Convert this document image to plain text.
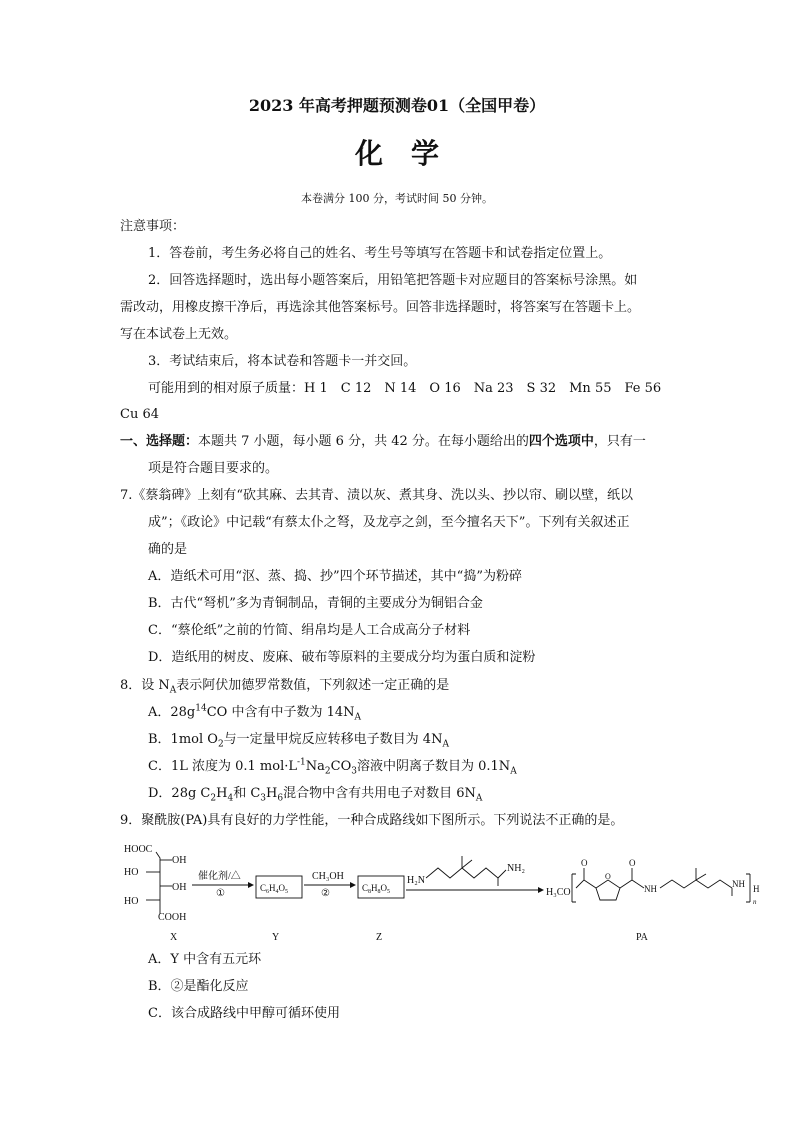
2023 年高考押题预测卷01（全国甲卷）
化学
本卷满分 100 分，考试时间 50 分钟。
注意事项：
1．答卷前，考生务必将自己的姓名、考生号等填写在答题卡和试卷指定位置上。
2．回答选择题时，选出每小题答案后，用铅笔把答题卡对应题目的答案标号涂黑。如
需改动，用橡皮擦干净后，再选涂其他答案标号。回答非选择题时，将答案写在答题卡上。
写在本试卷上无效。
3．考试结束后，将本试卷和答题卡一并交回。
可能用到的相对原子质量：H 1　C 12　N 14　O 16　Na 23　S 32　Mn 55　Fe 56
Cu 64
一、选择题：本题共 7 小题，每小题 6 分，共 42 分。在每小题给出的四个选项中，只有一
项是符合题目要求的。
7.《蔡翁碑》上刻有“砍其麻、去其青、渍以灰、煮其身、洗以头、抄以帘、刷以壁，纸以
成”；《政论》中记载“有蔡太仆之弩，及龙亭之剑，至今擅名天下”。下列有关叙述正
确的是
A．造纸术可用“沤、蒸、捣、抄”四个环节描述，其中“捣”为粉碎
B．古代“弩机”多为青铜制品，青铜的主要成分为铜铝合金
C．“蔡伦纸”之前的竹简、绢帛均是人工合成高分子材料
D．造纸用的树皮、废麻、破布等原料的主要成分均为蛋白质和淀粉
8．设 $N_A$表示阿伏加德罗常数值，下列叙述一定正确的是
A．$28g^{14}CO$ 中含有中子数为 $14N_A$
B．1mol $O_2$与一定量甲烷反应转移电子数目为 $4N_A$
C．1L 浓度为 0.1 $mol\cdot L^{-1}Na_2CO_3$溶液中阴离子数目为 $0.1N_A$
D．28g $C_2H_4$和 $C_3H_6$混合物中含有共用电子对数目 $6N_A$
9．聚酰胺(PA)具有良好的力学性能，一种合成路线如下图所示。下列说法不正确的是。
HOOC
OH
HO
OH
HO
COOH
催化剂/△
①	$C_6H_4O_5$
CH₃OH
②	$C_8H_8O_5$
H₂N
NH₂
H₃CO
O
O
O
NH	NH H
n
X	Y	Z	PA
A．Y 中含有五元环
B．②是酯化反应
C．该合成路线中甲醇可循环使用
